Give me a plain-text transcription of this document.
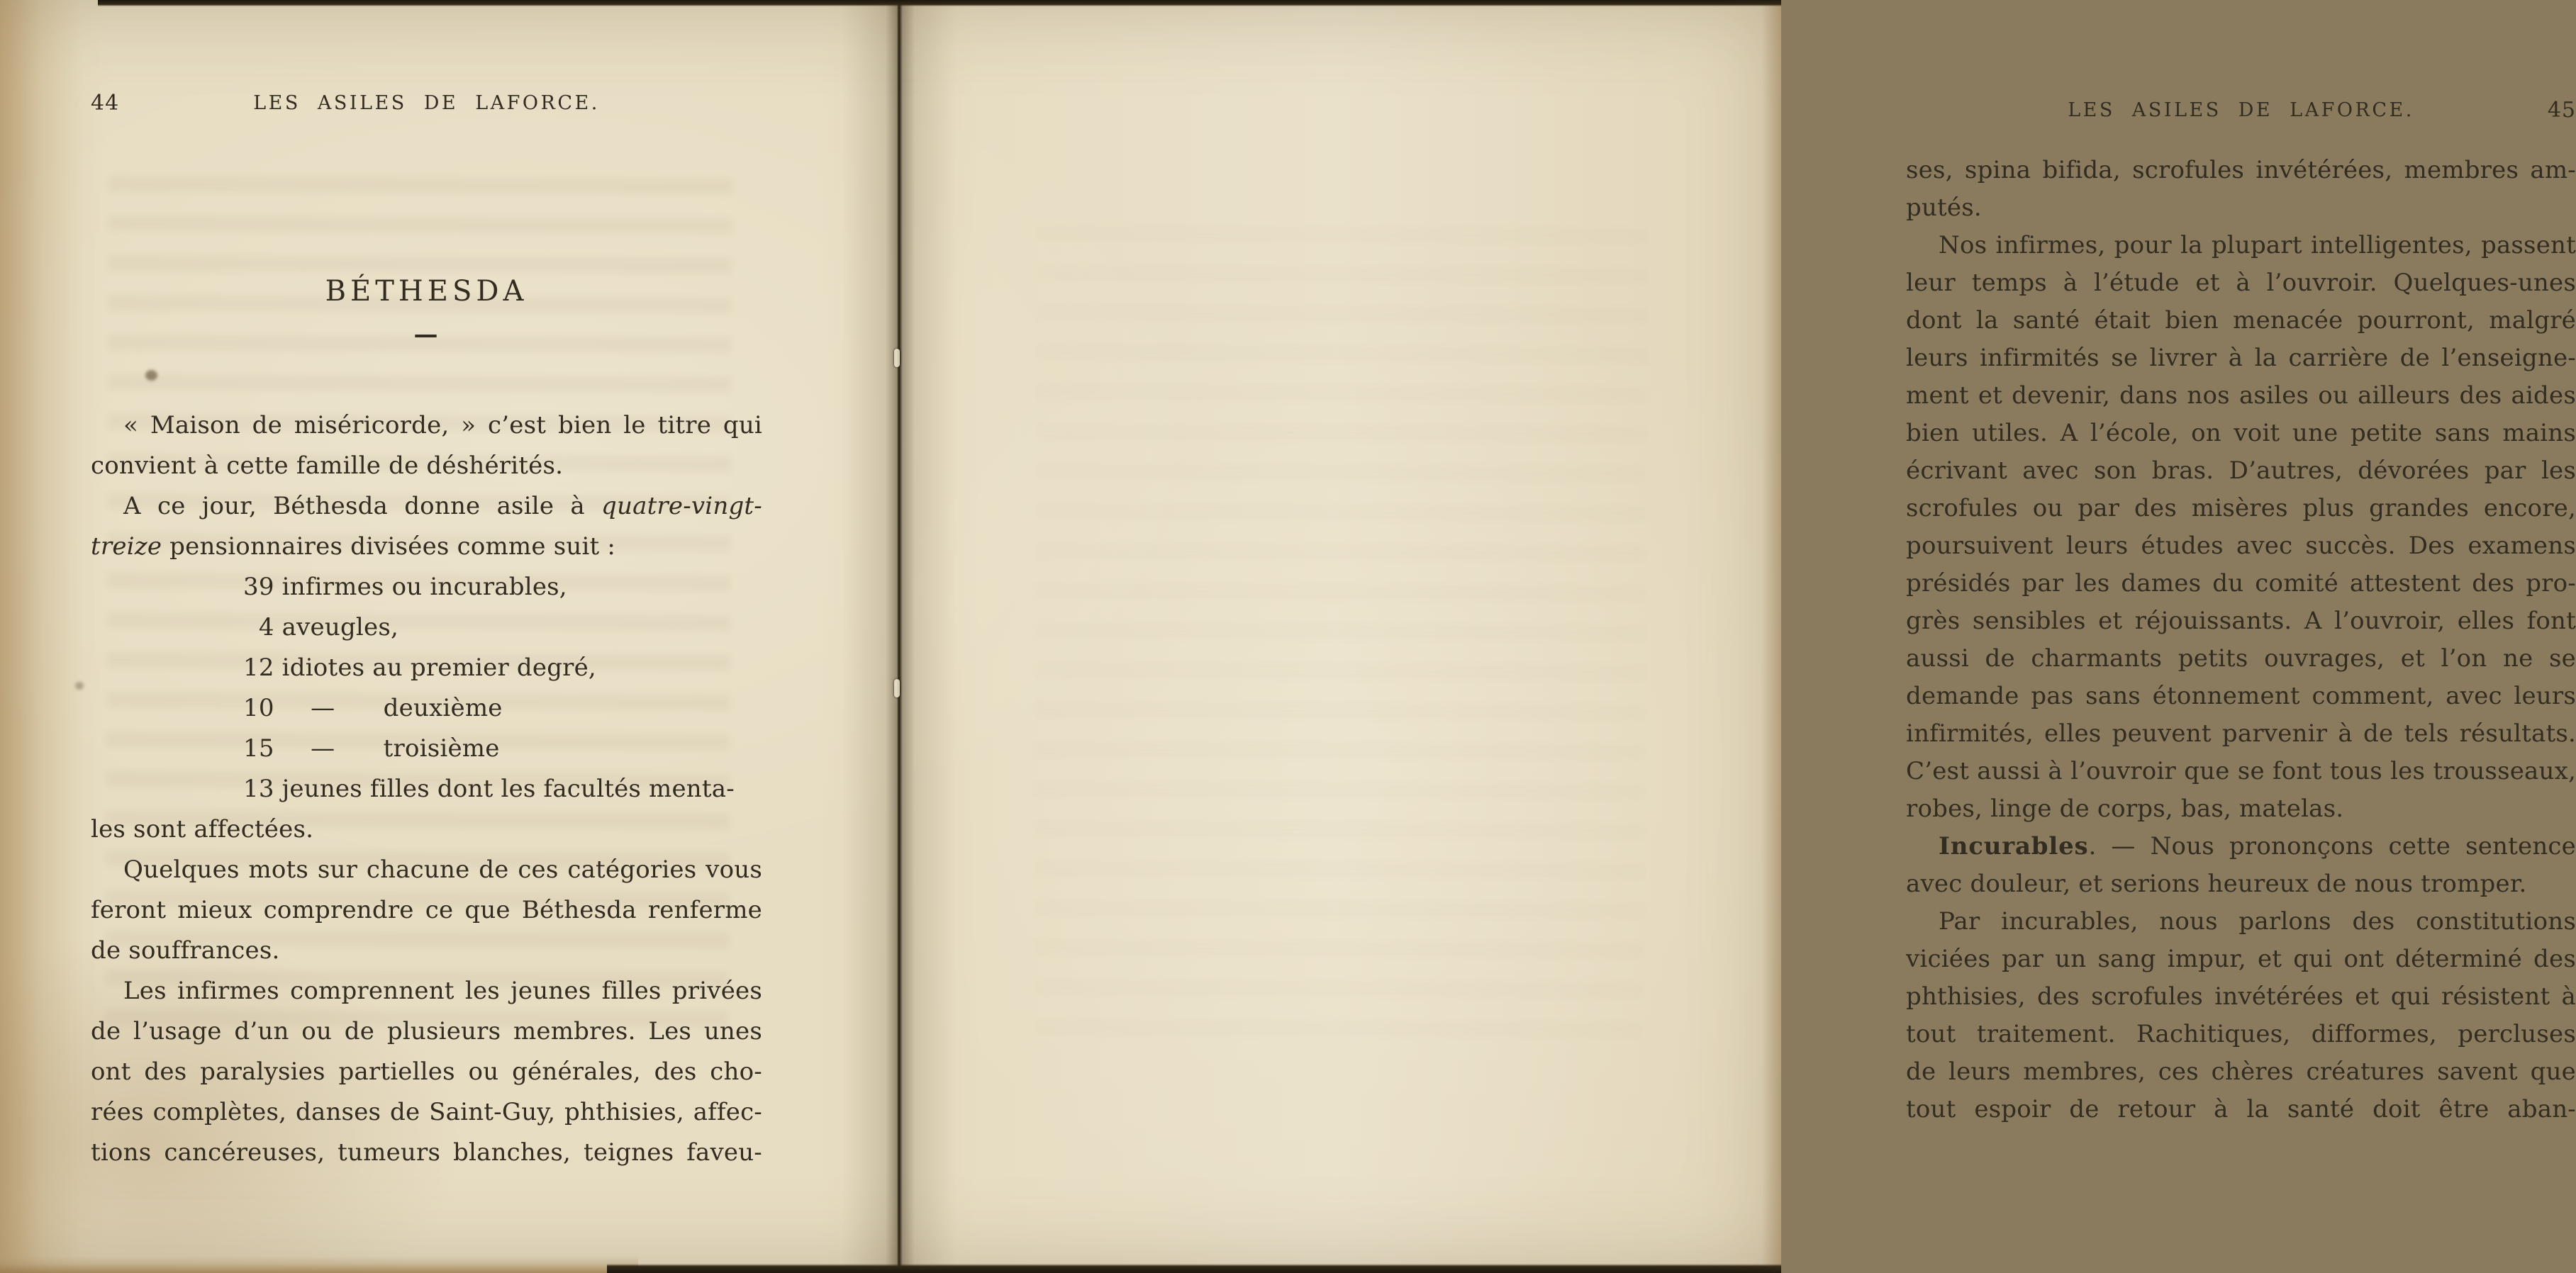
44	LES ASILES DE LAFORCE.
BÉTHESDA
—
« Maison de miséricorde, » c’est bien le titre qui
convient à cette famille de déshérités.
A ce jour, Béthesda donne asile à quatre-vingt-
treize pensionnaires divisées comme suit :
39 infirmes ou incurables,
 4 aveugles,
12 idiotes au premier degré,
10  —  deuxième
15  —  troisième
13 jeunes filles dont les facultés menta-
les sont affectées.
Quelques mots sur chacune de ces catégories vous
feront mieux comprendre ce que Béthesda renferme
de souffrances.
Les infirmes comprennent les jeunes filles privées
de l’usage d’un ou de plusieurs membres. Les unes
ont des paralysies partielles ou générales, des cho-
rées complètes, danses de Saint-Guy, phthisies, affec-
tions cancéreuses, tumeurs blanches, teignes faveu-
LES ASILES DE LAFORCE.	45
ses, spina bifida, scrofules invétérées, membres am-
putés.
Nos infirmes, pour la plupart intelligentes, passent
leur temps à l’étude et à l’ouvroir. Quelques-unes
dont la santé était bien menacée pourront, malgré
leurs infirmités se livrer à la carrière de l’enseigne-
ment et devenir, dans nos asiles ou ailleurs des aides
bien utiles. A l’école, on voit une petite sans mains
écrivant avec son bras. D’autres, dévorées par les
scrofules ou par des misères plus grandes encore,
poursuivent leurs études avec succès. Des examens
présidés par les dames du comité attestent des pro-
grès sensibles et réjouissants. A l’ouvroir, elles font
aussi de charmants petits ouvrages, et l’on ne se
demande pas sans étonnement comment, avec leurs
infirmités, elles peuvent parvenir à de tels résultats.
C’est aussi à l’ouvroir que se font tous les trousseaux,
robes, linge de corps, bas, matelas.
Incurables. — Nous prononçons cette sentence
avec douleur, et serions heureux de nous tromper.
Par incurables, nous parlons des constitutions
viciées par un sang impur, et qui ont déterminé des
phthisies, des scrofules invétérées et qui résistent à
tout traitement. Rachitiques, difformes, percluses
de leurs membres, ces chères créatures savent que
tout espoir de retour à la santé doit être aban-
